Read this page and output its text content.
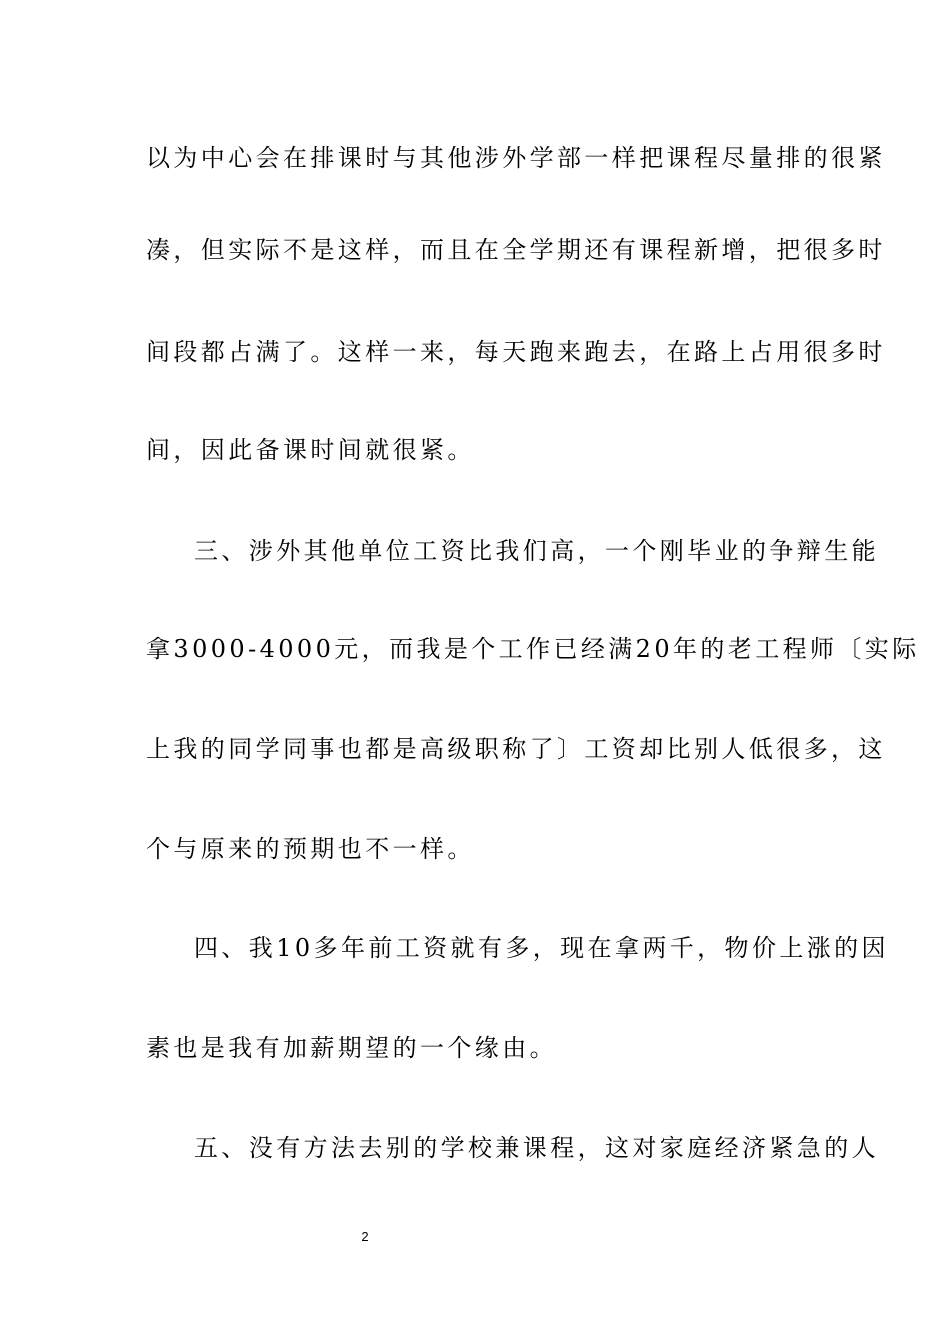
以为中心会在排课时与其他涉外学部一样把课程尽量排的很紧
凑，但实际不是这样，而且在全学期还有课程新增，把很多时
间段都占满了。这样一来，每天跑来跑去，在路上占用很多时
间，因此备课时间就很紧。
三、涉外其他单位工资比我们高，一个刚毕业的争辩生能
拿3000-4000元，而我是个工作已经满20年的老工程师〔实际
上我的同学同事也都是高级职称了〕工资却比别人低很多，这
个与原来的预期也不一样。
四、我10多年前工资就有多，现在拿两千，物价上涨的因
素也是我有加薪期望的一个缘由。
五、没有方法去别的学校兼课程，这对家庭经济紧急的人
2
